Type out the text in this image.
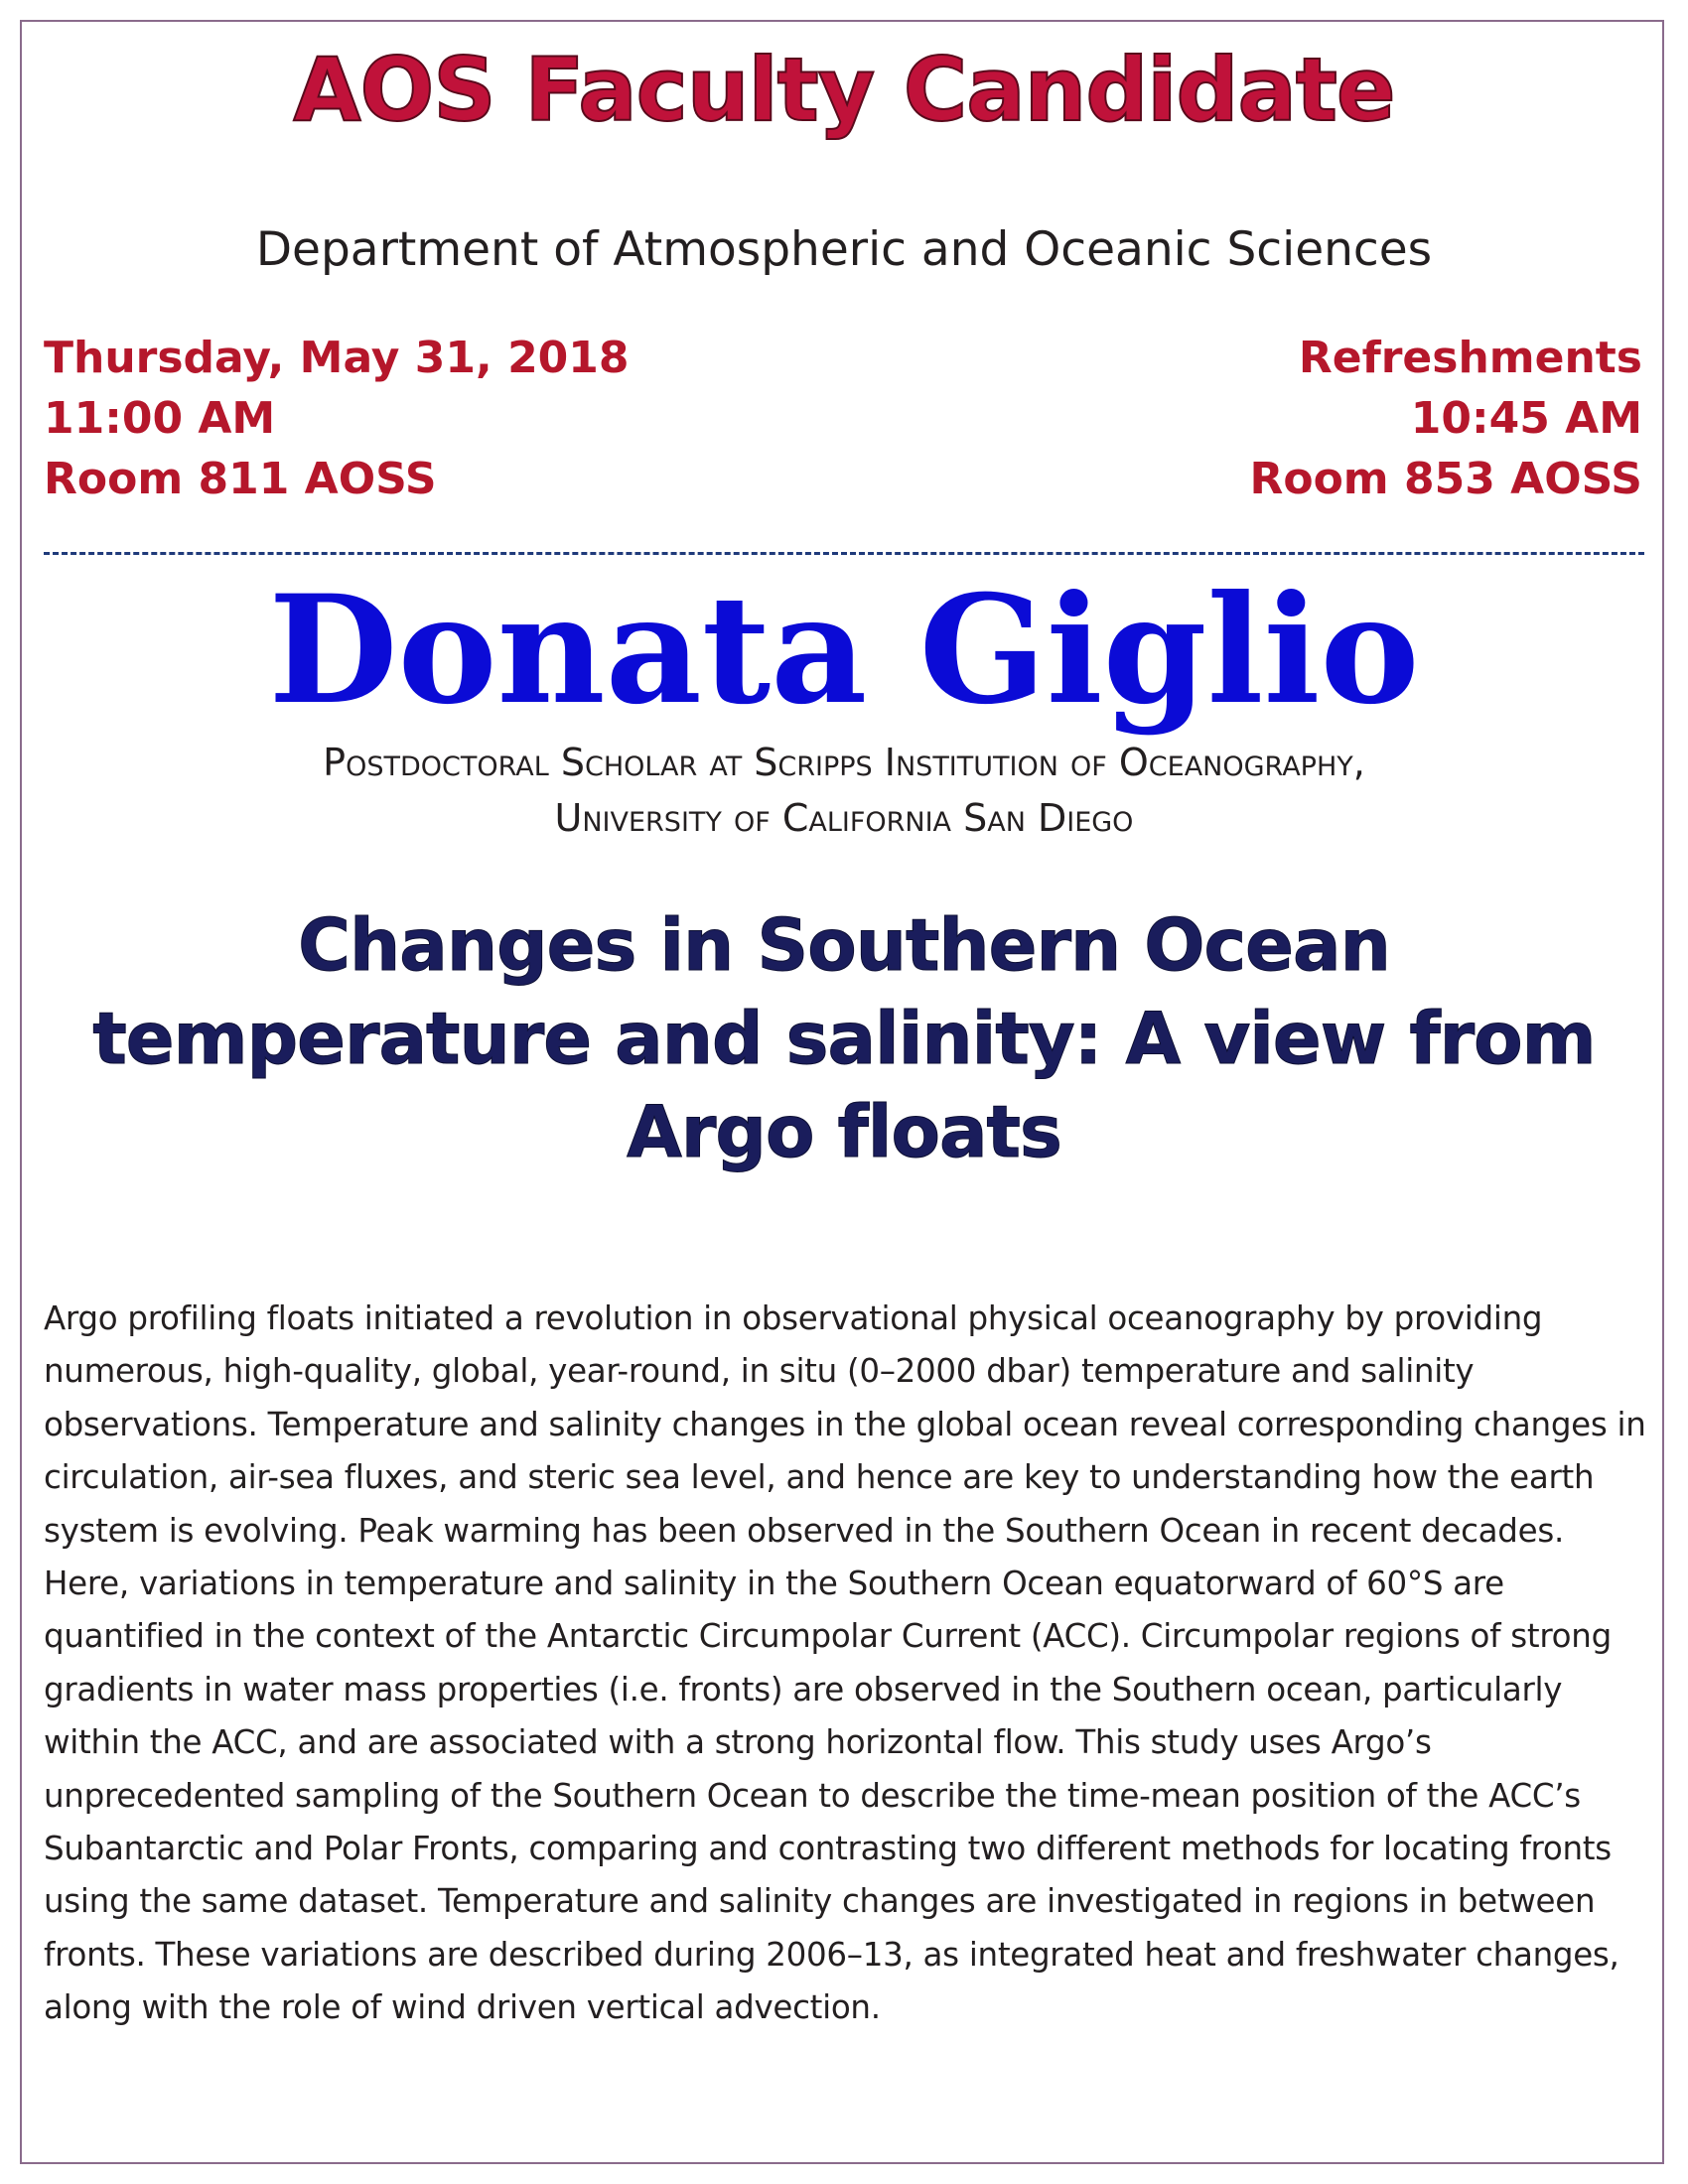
AOS Faculty Candidate
Department of Atmospheric and Oceanic Sciences
Thursday, May 31, 2018
11:00 AM
Room 811 AOSS
Refreshments
10:45 AM
Room 853 AOSS
Donata Giglio
Postdoctoral Scholar at Scripps Institution of Oceanography,
University of California San Diego
Changes in Southern Ocean temperature and salinity: A view from Argo floats
Argo profiling floats initiated a revolution in observational physical oceanography by providing numerous, high-quality, global, year-round, in situ (0–2000 dbar) temperature and salinity observations. Temperature and salinity changes in the global ocean reveal corresponding changes in circulation, air-sea fluxes, and steric sea level, and hence are key to understanding how the earth system is evolving. Peak warming has been observed in the Southern Ocean in recent decades. Here, variations in temperature and salinity in the Southern Ocean equatorward of 60°S are quantified in the context of the Antarctic Circumpolar Current (ACC). Circumpolar regions of strong gradients in water mass properties (i.e. fronts) are observed in the Southern ocean, particularly within the ACC, and are associated with a strong horizontal flow. This study uses Argo’s unprecedented sampling of the Southern Ocean to describe the time-mean position of the ACC’s Subantarctic and Polar Fronts, comparing and contrasting two different methods for locating fronts using the same dataset. Temperature and salinity changes are investigated in regions in between fronts. These variations are described during 2006–13, as integrated heat and freshwater changes, along with the role of wind driven vertical advection.
